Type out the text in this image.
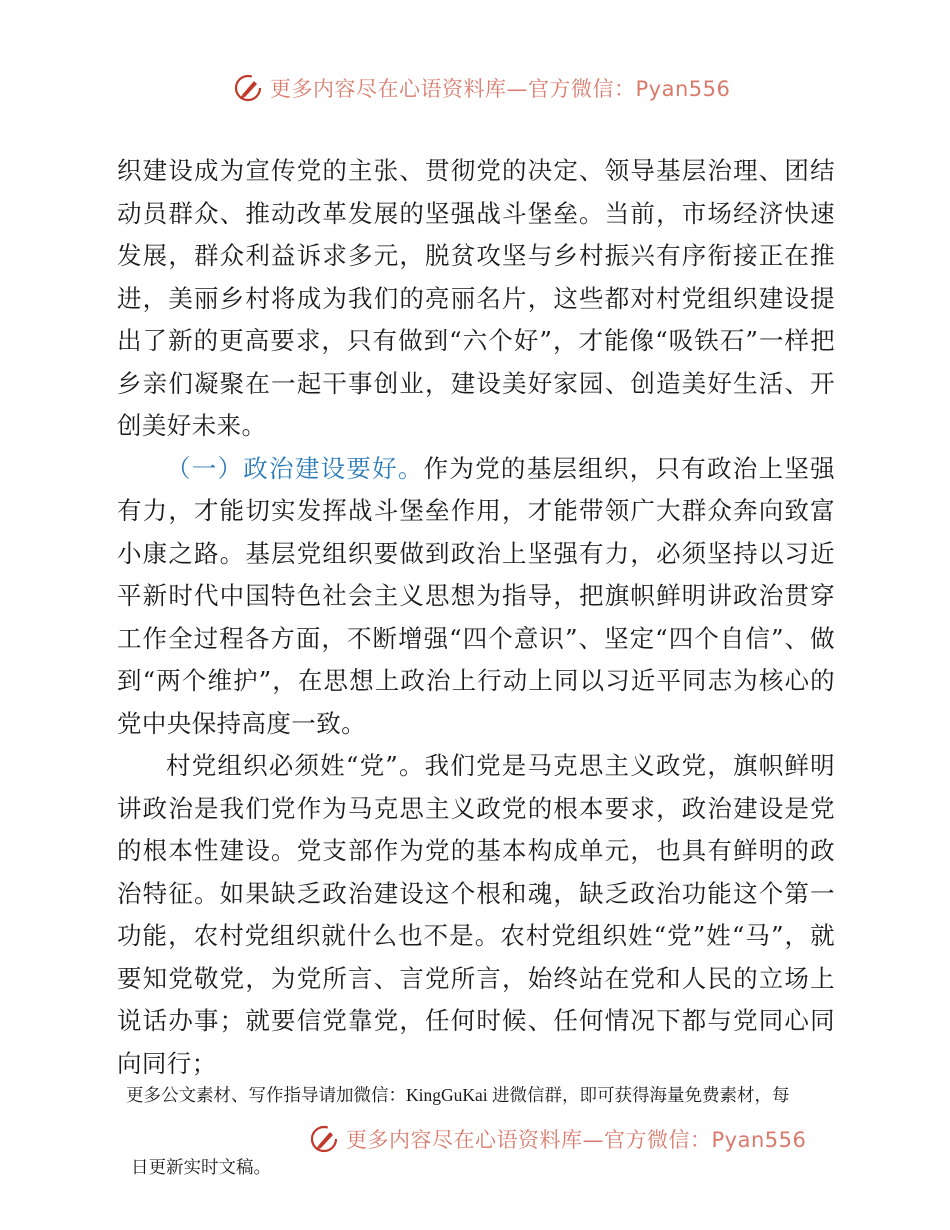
更多内容尽在心语资料库—官方微信：Pyan556

织建设成为宣传党的主张、贯彻党的决定、领导基层治理、团结动员群众、推动改革发展的坚强战斗堡垒。当前，市场经济快速发展，群众利益诉求多元，脱贫攻坚与乡村振兴有序衔接正在推进，美丽乡村将成为我们的亮丽名片，这些都对村党组织建设提出了新的更高要求，只有做到“六个好”，才能像“吸铁石”一样把乡亲们凝聚在一起干事创业，建设美好家园、创造美好生活、开创美好未来。

（一）政治建设要好。作为党的基层组织，只有政治上坚强有力，才能切实发挥战斗堡垒作用，才能带领广大群众奔向致富小康之路。基层党组织要做到政治上坚强有力，必须坚持以习近平新时代中国特色社会主义思想为指导，把旗帜鲜明讲政治贯穿工作全过程各方面，不断增强“四个意识”、坚定“四个自信”、做到“两个维护”，在思想上政治上行动上同以习近平同志为核心的党中央保持高度一致。

村党组织必须姓“党”。我们党是马克思主义政党，旗帜鲜明讲政治是我们党作为马克思主义政党的根本要求，政治建设是党的根本性建设。党支部作为党的基本构成单元，也具有鲜明的政治特征。如果缺乏政治建设这个根和魂，缺乏政治功能这个第一功能，农村党组织就什么也不是。农村党组织姓“党”姓“马”，就要知党敬党，为党所言、言党所言，始终站在党和人民的立场上说话办事；就要信党靠党，任何时候、任何情况下都与党同心同向同行；

更多公文素材、写作指导请加微信：KingGuKai 进微信群，即可获得海量免费素材，每
更多内容尽在心语资料库—官方微信：Pyan556
日更新实时文稿。
